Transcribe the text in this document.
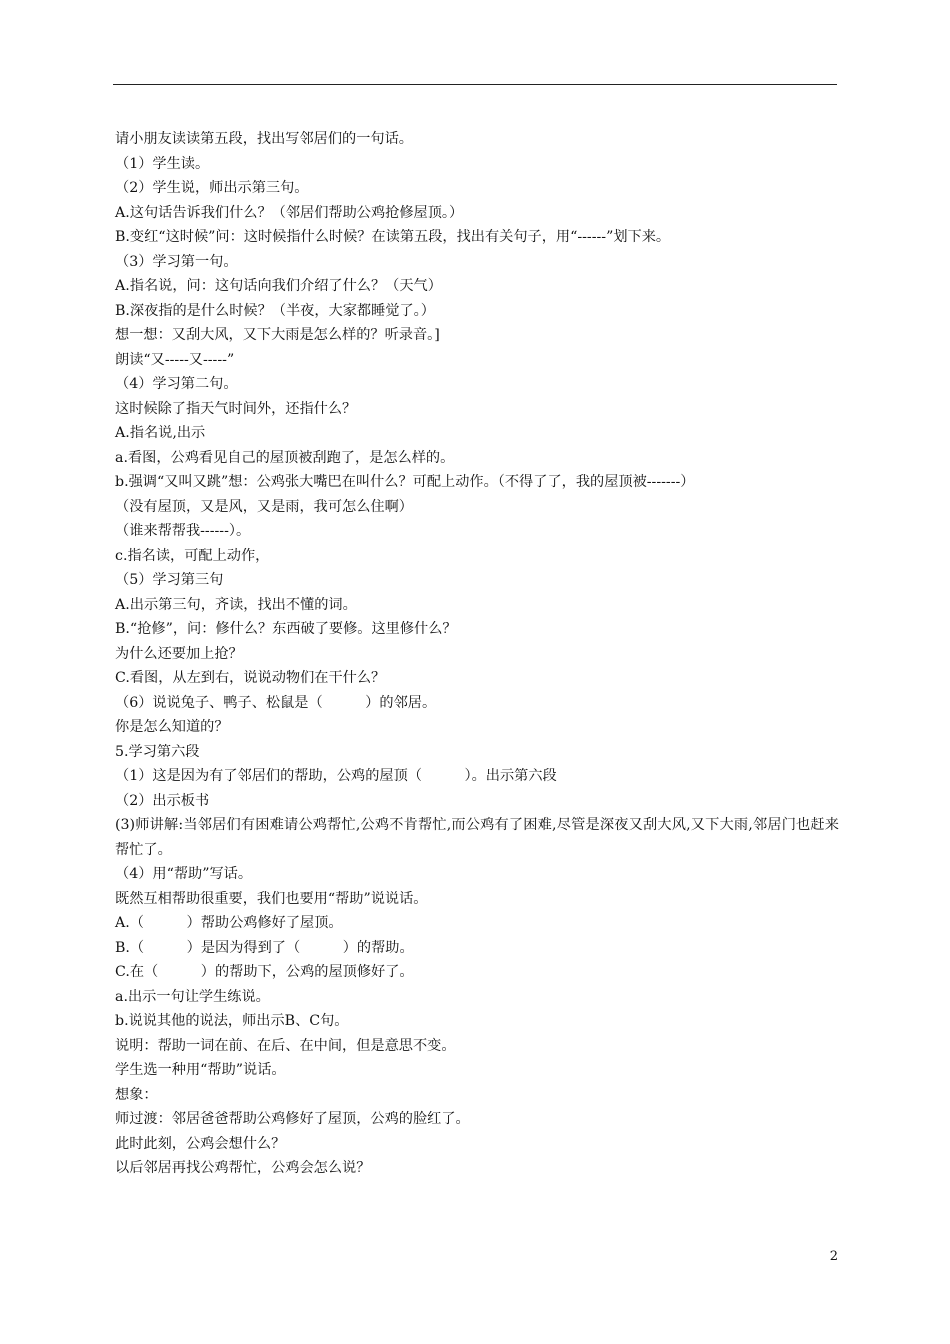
请小朋友读读第五段，找出写邻居们的一句话。
（1）学生读。
（2）学生说，师出示第三句。
A.这句话告诉我们什么？（邻居们帮助公鸡抢修屋顶。）
B.变红“这时候”问：这时候指什么时候？在读第五段，找出有关句子，用“------”划下来。
（3）学习第一句。
A.指名说，问：这句话向我们介绍了什么？（天气）
B.深夜指的是什么时候？（半夜，大家都睡觉了。）
想一想：又刮大风，又下大雨是怎么样的？听录音。]
朗读“又-----又-----”
（4）学习第二句。
这时候除了指天气时间外，还指什么？
A.指名说,出示
a.看图，公鸡看见自己的屋顶被刮跑了，是怎么样的。
b.强调“又叫又跳”想：公鸡张大嘴巴在叫什么？可配上动作。（不得了了，我的屋顶被-------）
（没有屋顶，又是风，又是雨，我可怎么住啊）
（谁来帮帮我------）。
c.指名读，可配上动作，
（5）学习第三句
A.出示第三句，齐读，找出不懂的词。
B.“抢修”，问：修什么？东西破了要修。这里修什么？
为什么还要加上抢？
C.看图，从左到右，说说动物们在干什么？
（6）说说兔子、鸭子、松鼠是（　　　）的邻居。
你是怎么知道的？
5.学习第六段
（1）这是因为有了邻居们的帮助，公鸡的屋顶（　　　）。出示第六段
（2）出示板书
(3)师讲解:当邻居们有困难请公鸡帮忙,公鸡不肯帮忙,而公鸡有了困难,尽管是深夜又刮大风,又下大雨,邻居门也赶来帮忙了。
（4）用“帮助”写话。
既然互相帮助很重要，我们也要用“帮助”说说话。
A.（　　　）帮助公鸡修好了屋顶。
B.（　　　）是因为得到了（　　　）的帮助。
C.在（　　　）的帮助下，公鸡的屋顶修好了。
a.出示一句让学生练说。
b.说说其他的说法，师出示B、C句。
说明：帮助一词在前、在后、在中间，但是意思不变。
学生选一种用“帮助”说话。
想象：
师过渡：邻居爸爸帮助公鸡修好了屋顶，公鸡的脸红了。
此时此刻，公鸡会想什么？
以后邻居再找公鸡帮忙，公鸡会怎么说？
2
